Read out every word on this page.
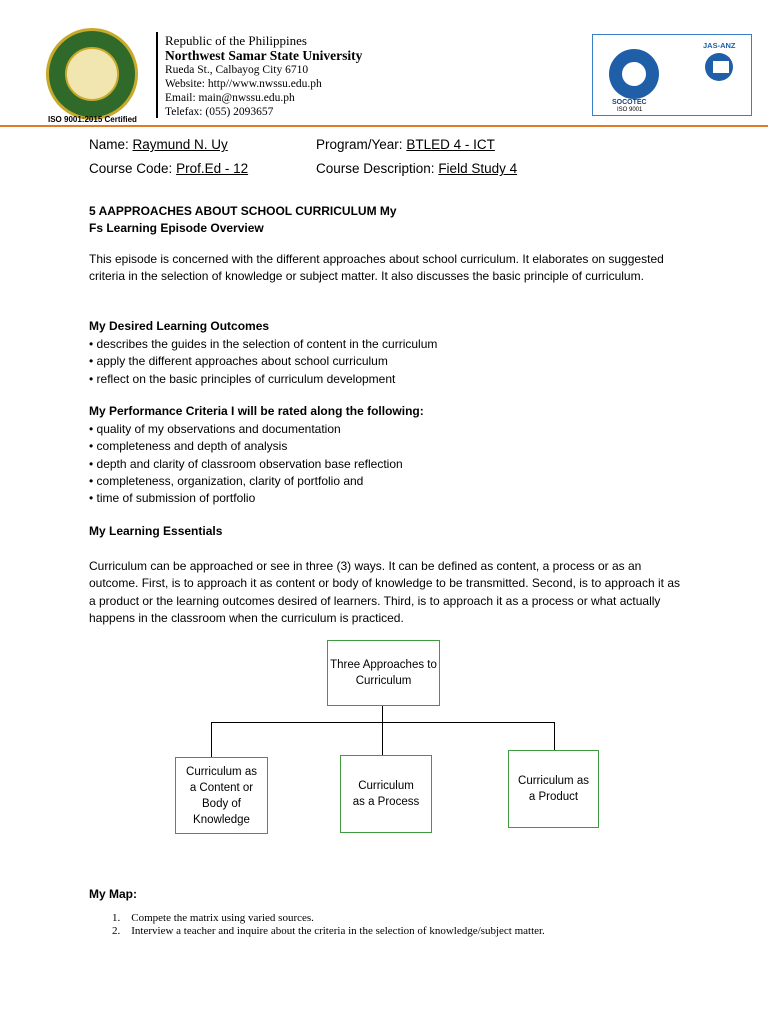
Republic of the Philippines
Northwest Samar State University
Rueda St., Calbayog City 6710
Website: http//www.nwssu.edu.ph
Email: main@nwssu.edu.ph
Telefax: (055) 2093657
ISO 9001:2015 Certified
SOCOTEC
ISO 9001
JAS-ANZ
Name: Raymund N. Uy	Program/Year: BTLED 4 - ICT
Course Code: Prof.Ed - 12	Course Description: Field Study 4
5 AAPPROACHES ABOUT SCHOOL CURRICULUM My
Fs Learning Episode Overview
This episode is concerned with the different approaches about school curriculum. It elaborates on suggested criteria in the selection of knowledge or subject matter. It also discusses the basic principle of curriculum.
My Desired Learning Outcomes
• describes the guides in the selection of content in the curriculum
• apply the different approaches about school curriculum
• reflect on the basic principles of curriculum development
My Performance Criteria I will be rated along the following:
• quality of my observations and documentation
• completeness and depth of analysis
• depth and clarity of classroom observation base reflection
• completeness, organization, clarity of portfolio and
• time of submission of portfolio
My Learning Essentials
Curriculum can be approached or see in three (3) ways. It can be defined as content, a process or as an outcome. First, is to approach it as content or body of knowledge to be transmitted. Second, is to approach it as a product or the learning outcomes desired of learners. Third, is to approach it as a process or what actually happens in the classroom when the curriculum is practiced.
Three Approaches to Curriculum
Curriculum as a Content or Body of Knowledge
Curriculum as a Process
Curriculum as a Product
My Map:
1. Compete the matrix using varied sources.
2. Interview a teacher and inquire about the criteria in the selection of knowledge/subject matter.
